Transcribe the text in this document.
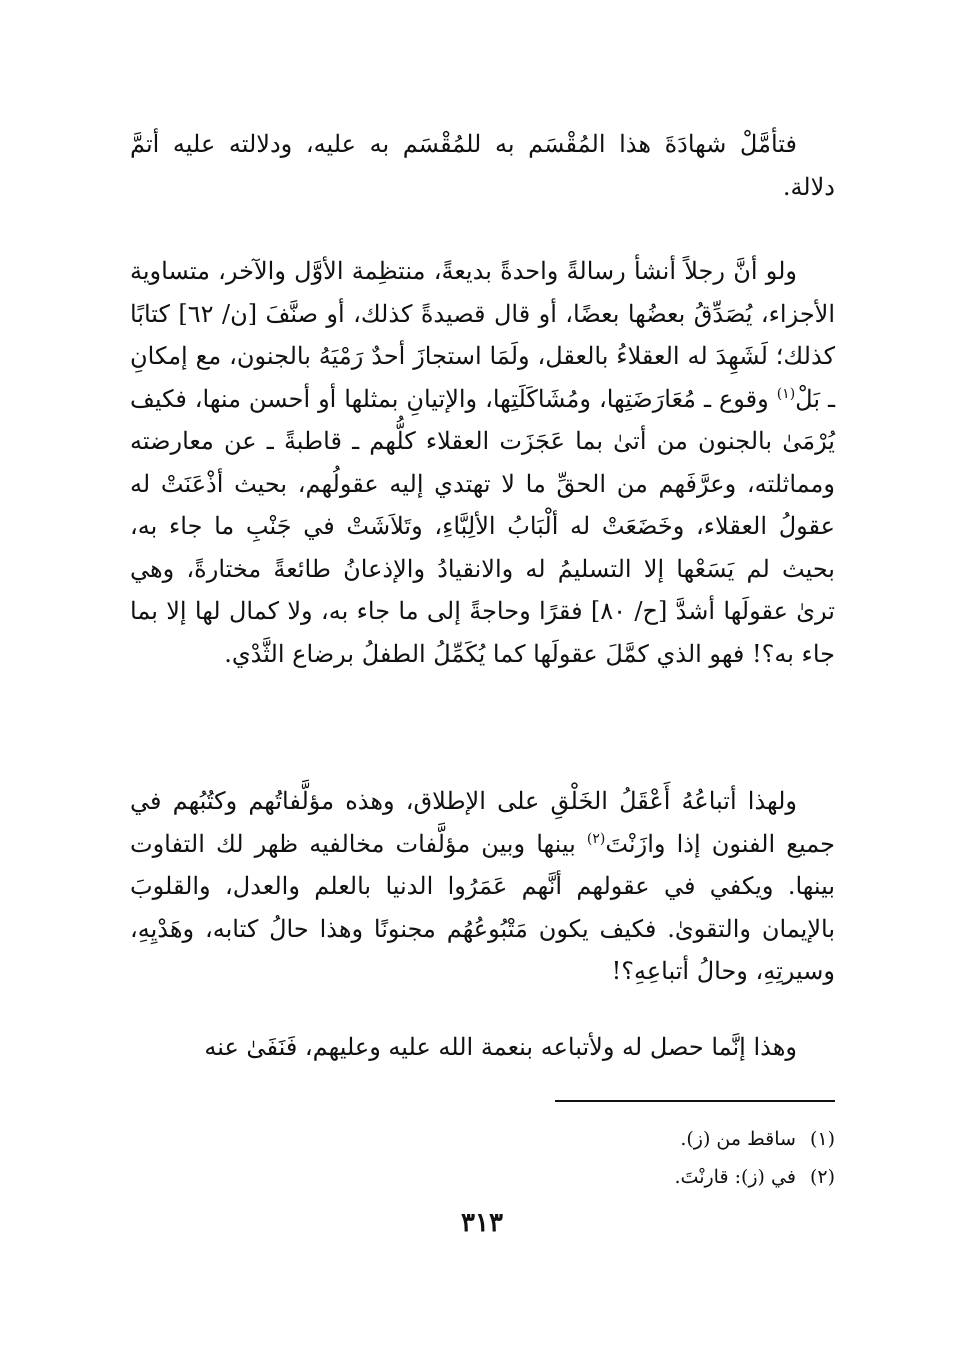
فتأمَّلْ شهادَةَ هذا المُقْسَم به للمُقْسَم به عليه، ودلالته عليه أتمَّ دلالة.

ولو أنَّ رجلاً أنشأ رسالةً واحدةً بديعةً، منتظِمة الأوَّل والآخر، متساوية الأجزاء، يُصَدِّقُ بعضُها بعضًا، أو قال قصيدةً كذلك، أو صنَّفَ [ن/ ٦٢] كتابًا كذلك؛ لَشَهِدَ له العقلاءُ بالعقل، ولَمَا استجازَ أحدٌ رَمْيَهُ بالجنون، مع إمكانِ ـ بَلْ$^{(١)}$ وقوع ـ مُعَارَضَتِها، ومُشَاكَلَتِها، والإتيانِ بمثلها أو أحسن منها، فكيف يُرْمَىٰ بالجنون من أتىٰ بما عَجَزَت العقلاء كلُّهم ـ قاطبةً ـ عن معارضته ومماثلته، وعرَّفَهم من الحقِّ ما لا تهتدي إليه عقولُهم، بحيث أذْعَنَتْ له عقولُ العقلاء، وخَضَعَتْ له ألْبَابُ الألِبَّاءِ، وتَلاَشَتْ في جَنْبِ ما جاء به، بحيث لم يَسَعْها إلا التسليمُ له والانقيادُ والإذعانُ طائعةً مختارةً، وهي ترىٰ عقولَها أشدَّ [ح/ ٨٠] فقرًا وحاجةً إلى ما جاء به، ولا كمال لها إلا بما جاء به؟! فهو الذي كمَّلَ عقولَها كما يُكَمِّلُ الطفلُ برضاع الثَّدْي.

ولهذا أتباعُهُ أَعْقَلُ الخَلْقِ على الإطلاق، وهذه مؤلَّفاتُهم وكتُبُهم في جميع الفنون إذا وازَنْتَ$^{(٢)}$ بينها وبين مؤلَّفات مخالفيه ظهر لك التفاوت بينها. ويكفي في عقولهم أنَّهم عَمَرُوا الدنيا بالعلم والعدل، والقلوبَ بالإيمان والتقوىٰ. فكيف يكون مَتْبُوعُهُم مجنونًا وهذا حالُ كتابه، وهَدْيِهِ، وسيرتِهِ، وحالُ أتباعِهِ؟!

وهذا إنَّما حصل له ولأتباعه بنعمة الله عليه وعليهم، فَنَفَىٰ عنه

(١)ساقط من (ز).

(٢)في (ز): قارنْتَ.

٣١٣
